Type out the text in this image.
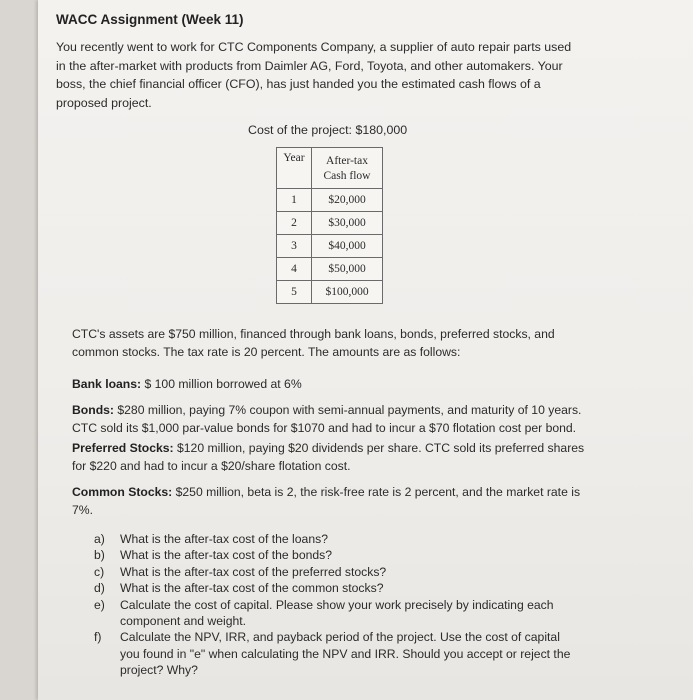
WACC Assignment (Week 11)
You recently went to work for CTC Components Company, a supplier of auto repair parts used in the after-market with products from Daimler AG, Ford, Toyota, and other automakers. Your boss, the chief financial officer (CFO), has just handed you the estimated cash flows of a proposed project.
Cost of the project: $180,000
Year	After-tax
Cash flow
1	$20,000
2	$30,000
3	$40,000
4	$50,000
5	$100,000
CTC's assets are $750 million, financed through bank loans, bonds, preferred stocks, and common stocks. The tax rate is 20 percent. The amounts are as follows:
Bank loans: $ 100 million borrowed at 6%
Bonds: $280 million, paying 7% coupon with semi-annual payments, and maturity of 10 years. CTC sold its $1,000 par-value bonds for $1070 and had to incur a $70 flotation cost per bond.
Preferred Stocks: $120 million, paying $20 dividends per share. CTC sold its preferred shares for $220 and had to incur a $20/share flotation cost.
Common Stocks: $250 million, beta is 2, the risk-free rate is 2 percent, and the market rate is 7%.
a) What is the after-tax cost of the loans?
b) What is the after-tax cost of the bonds?
c) What is the after-tax cost of the preferred stocks?
d) What is the after-tax cost of the common stocks?
e) Calculate the cost of capital. Please show your work precisely by indicating each component and weight.
f) Calculate the NPV, IRR, and payback period of the project. Use the cost of capital you found in "e" when calculating the NPV and IRR. Should you accept or reject the project? Why?
